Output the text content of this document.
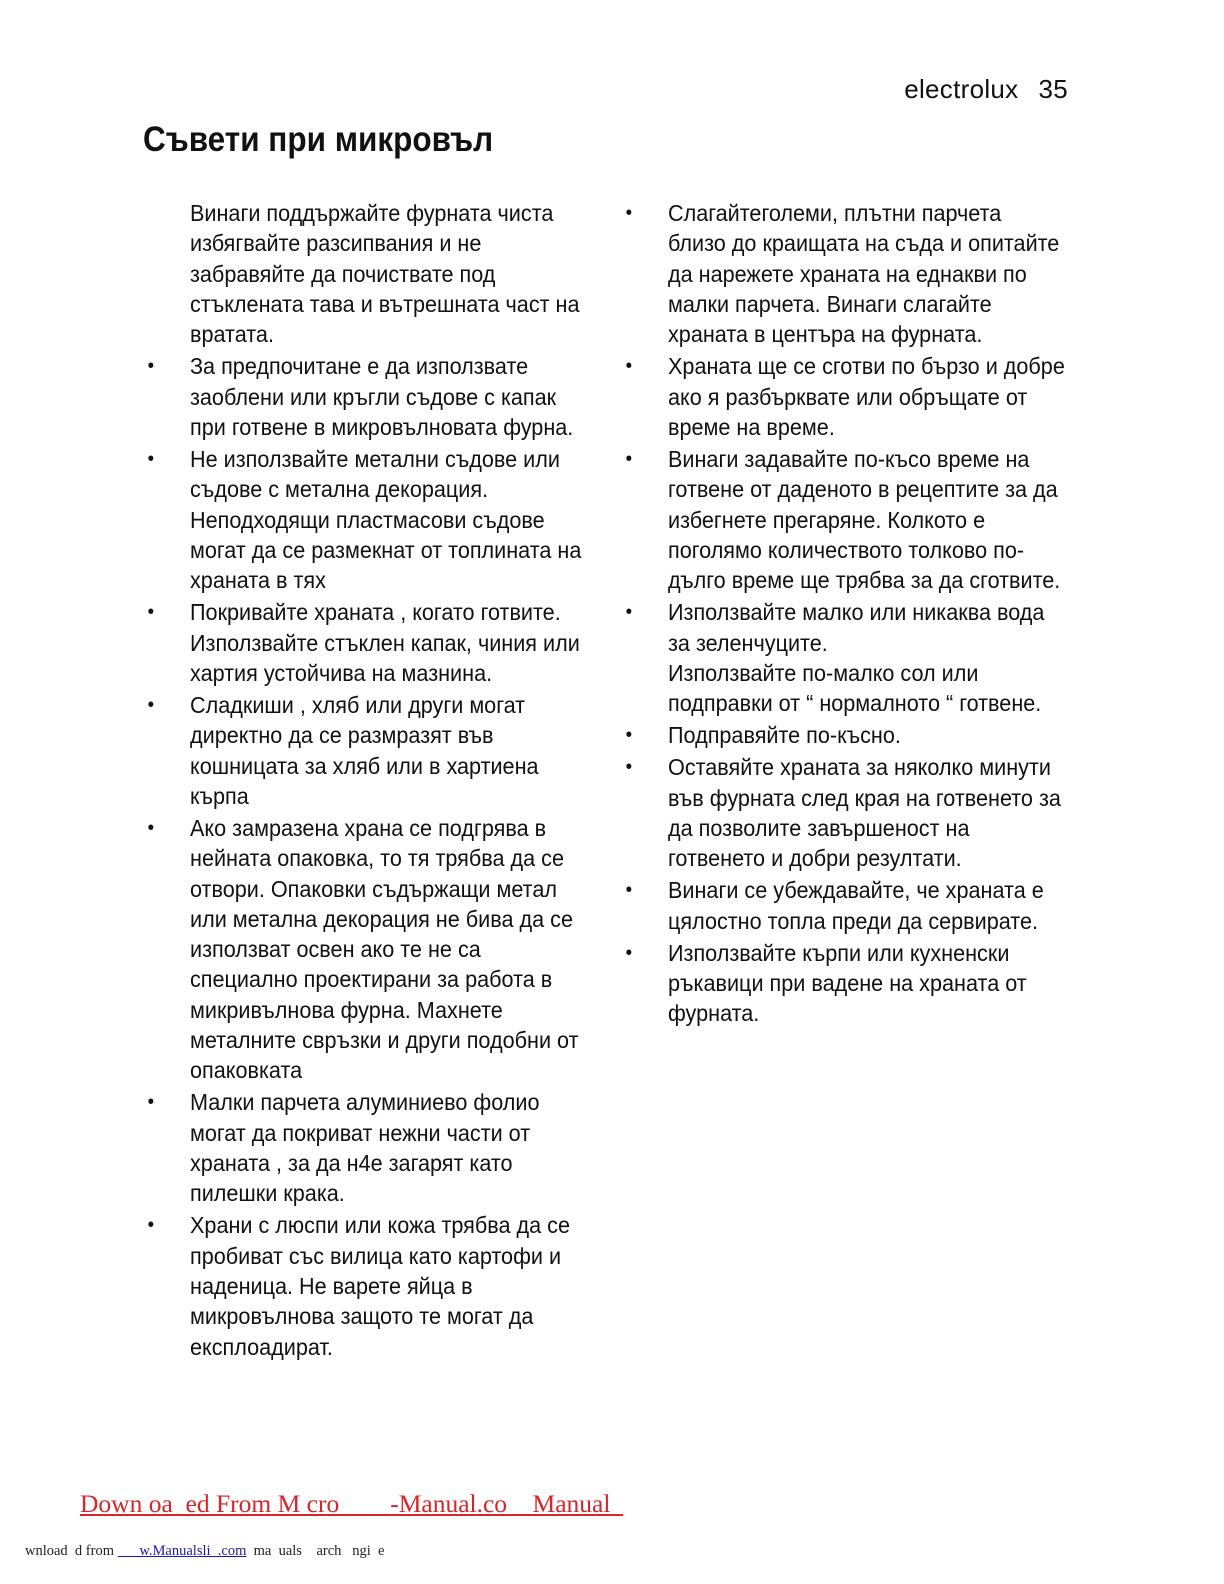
electrolux 35
Съвети при микровъл
Винаги поддържайте фурната чиста
избягвайте разсипвания и не
забравяйте да почиствате под
стъклената тава и вътрешната част на
вратата.
• За предпочитане е да използвате
заоблени или кръгли съдове с капак
при готвене в микровълновата фурна.
• Не използвайте метални съдове или
съдове с метална декорация.
Неподходящи пластмасови съдове
могат да се размекнат от топлината на
храната в тях
• Покривайте храната , когато готвите.
Използвайте стъклен капак, чиния или
хартия устойчива на мазнина.
• Сладкиши , хляб или други могат
директно да се размразят във
кошницата за хляб или в хартиена
кърпа
• Ако замразена храна се подгрява в
нейната опаковка, то тя трябва да се
отвори. Опаковки съдържащи метал
или метална декорация не бива да се
използват освен ако те не са
специално проектирани за работа в
микривълнова фурна. Махнете
металните свръзки и други подобни от
опаковката
• Малки парчета алуминиево фолио
могат да покриват нежни части от
храната , за да н4е загарят като
пилешки крака.
• Храни с люспи или кожа трябва да се
пробиват със вилица като картофи и
наденица. Не варете яйца в
микровълнова защото те могат да
експлоадират.
• Слагайтеголеми, плътни парчета
близо до краищата на съда и опитайте
да нарежете храната на еднакви по
малки парчета. Винаги слагайте
храната в центъра на фурната.
• Храната ще се сготви по бързо и добре
ако я разбърквате или обръщате от
време на време.
• Винаги задавайте по-късо време на
готвене от даденото в рецептите за да
избегнете прегаряне. Колкото е
поголямо количеството толково по-
дълго време ще трябва за да сготвите.
• Използвайте малко или никаква вода
за зеленчуците.
Използвайте по-малко сол или
подправки от “ нормалното “ готвене.
• Подправяйте по-късно.
• Оставяйте храната за няколко минути
във фурната след края на готвенето за
да позволите завършеност на
готвенето и добри резултати.
• Винаги се убеждавайте, че храната е
цялостно топла преди да сервирате.
• Използвайте кърпи или кухненски
ръкавици при вадене на храната от
фурната.
Down oa  ed From M cro        -Manual.co    Manual
wnload  d from       w.Manualsli  .com  ma  uals    arch   ngi  e
